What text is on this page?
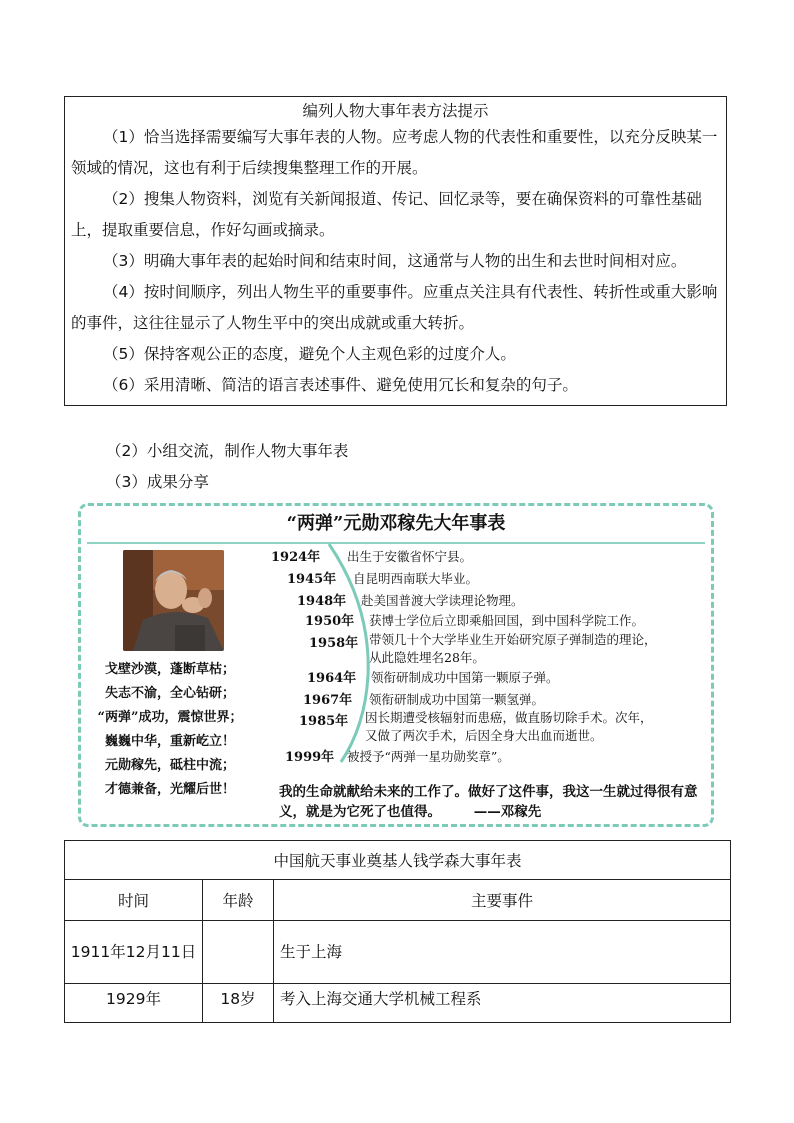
编列人物大事年表方法提示

（1）恰当选择需要编写大事年表的人物。应考虑人物的代表性和重要性，以充分反映某一领域的情况，这也有利于后续搜集整理工作的开展。

（2）搜集人物资料，浏览有关新闻报道、传记、回忆录等，要在确保资料的可靠性基础上，提取重要信息，作好勾画或摘录。

（3）明确大事年表的起始时间和结束时间，这通常与人物的出生和去世时间相对应。

（4）按时间顺序，列出人物生平的重要事件。应重点关注具有代表性、转折性或重大影响的事件，这往往显示了人物生平中的突出成就或重大转折。

（5）保持客观公正的态度，避免个人主观色彩的过度介人。

（6）采用清晰、简洁的语言表述事件、避免使用冗长和复杂的句子。

（2）小组交流，制作人物大事年表
（3）成果分享
“两弹”元勋邓稼先大年事表
戈壁沙漠，蓬断草枯；
失志不渝，全心钻研；
“两弹”成功，震惊世界；
巍巍中华，重新屹立！
元勋稼先，砥柱中流；
才德兼备，光耀后世！
1924年 出生于安徽省怀宁县。
1945年 自昆明西南联大毕业。
1948年 赴美国普渡大学读理论物理。
1950年 获博士学位后立即乘船回国，到中国科学院工作。
1958年 带领几十个大学毕业生开始研究原子弹制造的理论，
从此隐姓埋名28年。
1964年 领衔研制成功中国第一颗原子弹。
1967年 领衔研制成功中国第一颗氢弹。
1985年 因长期遭受核辐射而患癌，做直肠切除手术。次年，
又做了两次手术，后因全身大出血而逝世。
1999年 被授予“两弹一星功勋奖章”。
我的生命就献给未来的工作了。做好了这件事，我这一生就过得很有意义，就是为它死了也值得。 ——邓稼先
中国航天事业奠基人钱学森大事年表		
时间	年龄	主要事件
1911年12月11日		生于上海
1929年	18岁	考入上海交通大学机械工程系
